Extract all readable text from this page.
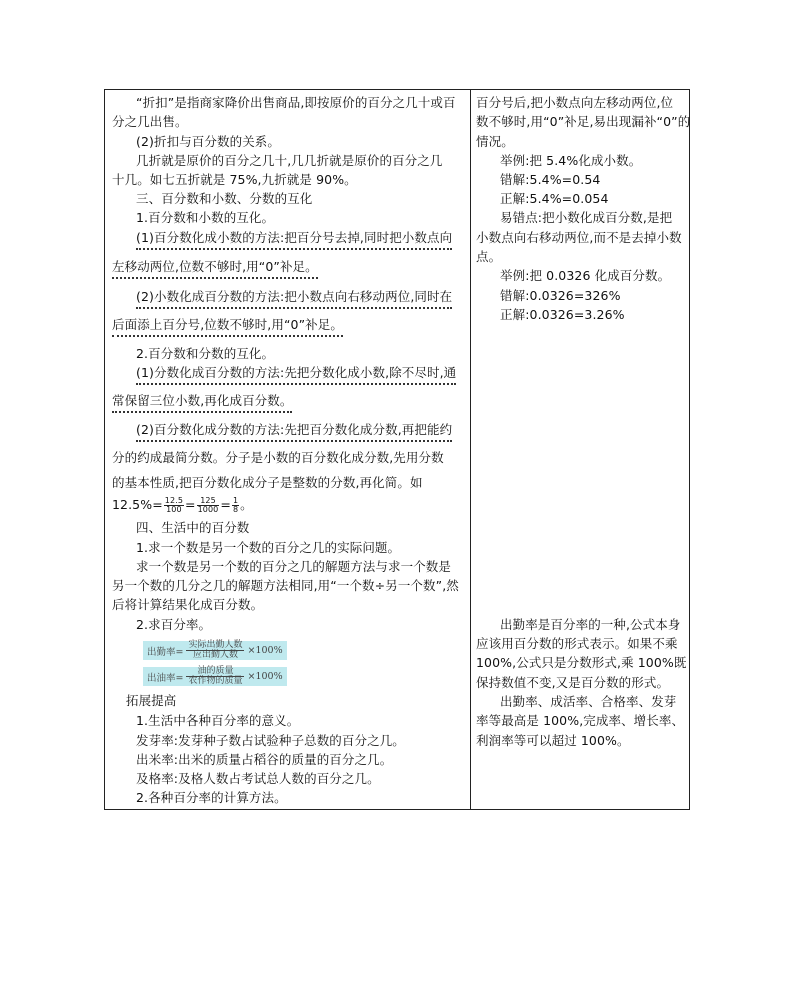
“折扣”是指商家降价出售商品,即按原价的百分之几十或百
分之几出售。
(2)折扣与百分数的关系。
几折就是原价的百分之几十,几几折就是原价的百分之几
十几。如七五折就是 75%,九折就是 90%。
三、百分数和小数、分数的互化
1.百分数和小数的互化。
(1)百分数化成小数的方法:把百分号去掉,同时把小数点向
左移动两位,位数不够时,用“0”补足。
(2)小数化成百分数的方法:把小数点向右移动两位,同时在
后面添上百分号,位数不够时,用“0”补足。
2.百分数和分数的互化。
(1)分数化成百分数的方法:先把分数化成小数,除不尽时,通
常保留三位小数,再化成百分数。
(2)百分数化成分数的方法:先把百分数化成分数,再把能约
分的约成最简分数。分子是小数的百分数化成分数,先用分数
的基本性质,把百分数化成分子是整数的分数,再化简。如
$12.5\%= \frac{12.5}{100} = \frac{125}{1000} = \frac{1}{8}$ 。
四、生活中的百分数
1.求一个数是另一个数的百分之几的实际问题。
求一个数是另一个数的百分之几的解题方法与求一个数是
另一个数的几分之几的解题方法相同,用“一个数÷另一个数”,然
后将计算结果化成百分数。
2.求百分率。
出勤率= $\frac{\text{实际出勤人数}}{\text{应出勤人数}} \times 100\%$
出油率= $\frac{\text{油的质量}}{\text{农作物的质量}} \times 100\%$
拓展提高
1.生活中各种百分率的意义。
发芽率:发芽种子数占试验种子总数的百分之几。
出米率:出米的质量占稻谷的质量的百分之几。
及格率:及格人数占考试总人数的百分之几。
2.各种百分率的计算方法。
百分号后,把小数点向左移动两位,位
数不够时,用“0”补足,易出现漏补“0”的
情况。
举例:把 5.4%化成小数。
错解:5.4%=0.54
正解:5.4%=0.054
易错点:把小数化成百分数,是把
小数点向右移动两位,而不是去掉小数
点。
举例:把 0.0326 化成百分数。
错解:0.0326=326%
正解:0.0326=3.26%
出勤率是百分率的一种,公式本身
应该用百分数的形式表示。如果不乘
100%,公式只是分数形式,乘 100%既
保持数值不变,又是百分数的形式。
出勤率、成活率、合格率、发芽
率等最高是 100%,完成率、增长率、
利润率等可以超过 100%。
